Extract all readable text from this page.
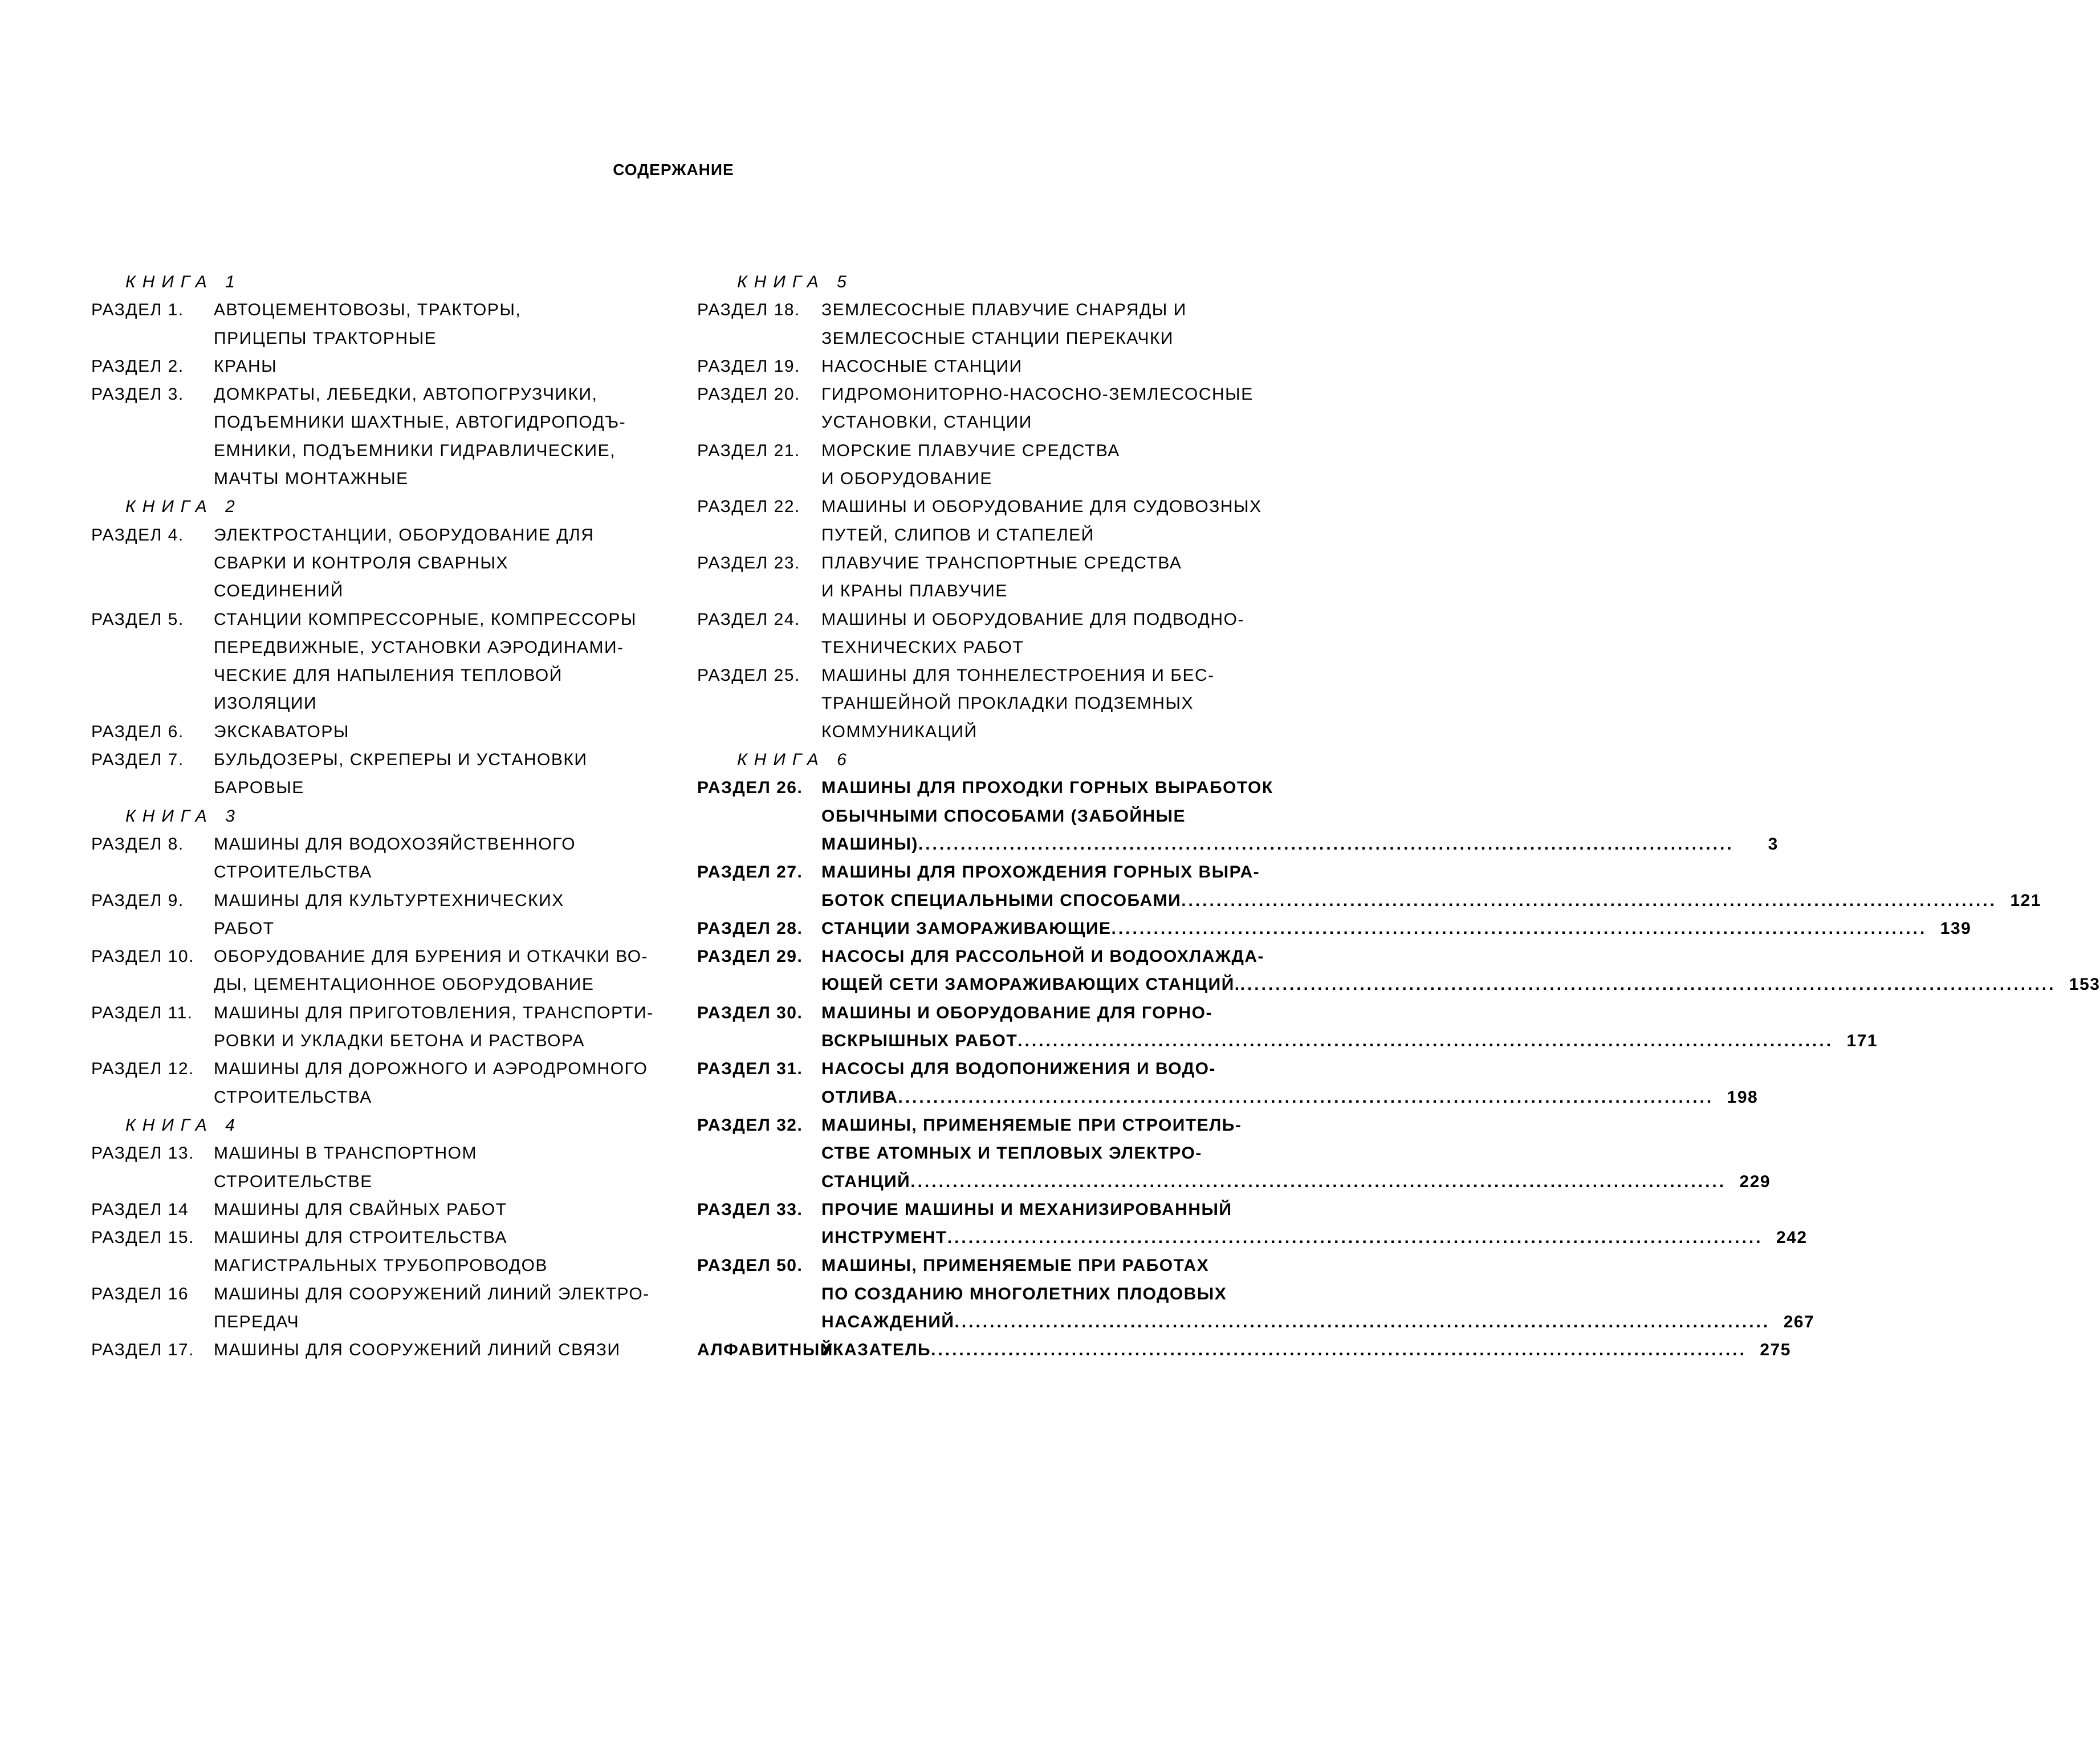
СОДЕРЖАНИЕ
КНИГА 1
РАЗДЕЛ 1.	АВТОЦЕМЕНТОВОЗЫ, ТРАКТОРЫ,
ПРИЦЕПЫ ТРАКТОРНЫЕ
РАЗДЕЛ 2.	КРАНЫ
РАЗДЕЛ 3.	ДОМКРАТЫ, ЛЕБЕДКИ, АВТОПОГРУЗЧИКИ,
ПОДЪЕМНИКИ ШАХТНЫЕ, АВТОГИДРОПОДЪ-
ЕМНИКИ, ПОДЪЕМНИКИ ГИДРАВЛИЧЕСКИЕ,
МАЧТЫ МОНТАЖНЫЕ
КНИГА 2
РАЗДЕЛ 4.	ЭЛЕКТРОСТАНЦИИ, ОБОРУДОВАНИЕ ДЛЯ
СВАРКИ И КОНТРОЛЯ СВАРНЫХ
СОЕДИНЕНИЙ
РАЗДЕЛ 5.	СТАНЦИИ КОМПРЕССОРНЫЕ, КОМПРЕССОРЫ
ПЕРЕДВИЖНЫЕ, УСТАНОВКИ АЭРОДИНАМИ-
ЧЕСКИЕ ДЛЯ НАПЫЛЕНИЯ ТЕПЛОВОЙ
ИЗОЛЯЦИИ
РАЗДЕЛ 6.	ЭКСКАВАТОРЫ
РАЗДЕЛ 7.	БУЛЬДОЗЕРЫ, СКРЕПЕРЫ И УСТАНОВКИ
БАРОВЫЕ
КНИГА 3
РАЗДЕЛ 8.	МАШИНЫ ДЛЯ ВОДОХОЗЯЙСТВЕННОГО
СТРОИТЕЛЬСТВА
РАЗДЕЛ 9.	МАШИНЫ ДЛЯ КУЛЬТУРТЕХНИЧЕСКИХ
РАБОТ
РАЗДЕЛ 10.	ОБОРУДОВАНИЕ ДЛЯ БУРЕНИЯ И ОТКАЧКИ ВО-
ДЫ, ЦЕМЕНТАЦИОННОЕ ОБОРУДОВАНИЕ
РАЗДЕЛ 11.	МАШИНЫ ДЛЯ ПРИГОТОВЛЕНИЯ, ТРАНСПОРТИ-
РОВКИ И УКЛАДКИ БЕТОНА И РАСТВОРА
РАЗДЕЛ 12.	МАШИНЫ ДЛЯ ДОРОЖНОГО И АЭРОДРОМНОГО
СТРОИТЕЛЬСТВА
КНИГА 4
РАЗДЕЛ 13.	МАШИНЫ В ТРАНСПОРТНОМ
СТРОИТЕЛЬСТВЕ
РАЗДЕЛ 14	МАШИНЫ ДЛЯ СВАЙНЫХ РАБОТ
РАЗДЕЛ 15.	МАШИНЫ ДЛЯ СТРОИТЕЛЬСТВА
МАГИСТРАЛЬНЫХ ТРУБОПРОВОДОВ
РАЗДЕЛ 16	МАШИНЫ ДЛЯ СООРУЖЕНИЙ ЛИНИЙ ЭЛЕКТРО-
ПЕРЕДАЧ
РАЗДЕЛ 17.	МАШИНЫ ДЛЯ СООРУЖЕНИЙ ЛИНИЙ СВЯЗИ
КНИГА 5
РАЗДЕЛ 18.	ЗЕМЛЕСОСНЫЕ ПЛАВУЧИЕ СНАРЯДЫ И
ЗЕМЛЕСОСНЫЕ СТАНЦИИ ПЕРЕКАЧКИ
РАЗДЕЛ 19.	НАСОСНЫЕ СТАНЦИИ
РАЗДЕЛ 20.	ГИДРОМОНИТОРНО-НАСОСНО-ЗЕМЛЕСОСНЫЕ
УСТАНОВКИ, СТАНЦИИ
РАЗДЕЛ 21.	МОРСКИЕ ПЛАВУЧИЕ СРЕДСТВА
И ОБОРУДОВАНИЕ
РАЗДЕЛ 22.	МАШИНЫ И ОБОРУДОВАНИЕ ДЛЯ СУДОВОЗНЫХ
ПУТЕЙ, СЛИПОВ И СТАПЕЛЕЙ
РАЗДЕЛ 23.	ПЛАВУЧИЕ ТРАНСПОРТНЫЕ СРЕДСТВА
И КРАНЫ ПЛАВУЧИЕ
РАЗДЕЛ 24.	МАШИНЫ И ОБОРУДОВАНИЕ ДЛЯ ПОДВОДНО-
ТЕХНИЧЕСКИХ РАБОТ
РАЗДЕЛ 25.	МАШИНЫ ДЛЯ ТОННЕЛЕСТРОЕНИЯ И БЕС-
ТРАНШЕЙНОЙ ПРОКЛАДКИ ПОДЗЕМНЫХ
КОММУНИКАЦИЙ
КНИГА 6
РАЗДЕЛ 26.	МАШИНЫ ДЛЯ ПРОХОДКИ ГОРНЫХ ВЫРАБОТОК
ОБЫЧНЫМИ СПОСОБАМИ (ЗАБОЙНЫЕ
МАШИНЫ) .....	3
РАЗДЕЛ 27.	МАШИНЫ ДЛЯ ПРОХОЖДЕНИЯ ГОРНЫХ ВЫРА-
БОТОК СПЕЦИАЛЬНЫМИ СПОСОБАМИ .....	121
РАЗДЕЛ 28.	СТАНЦИИ ЗАМОРАЖИВАЮЩИЕ .....	139
РАЗДЕЛ 29.	НАСОСЫ ДЛЯ РАССОЛЬНОЙ И ВОДООХЛАЖДА-
ЮЩЕЙ СЕТИ ЗАМОРАЖИВАЮЩИХ СТАНЦИЙ. .....	153
РАЗДЕЛ 30.	МАШИНЫ И ОБОРУДОВАНИЕ ДЛЯ ГОРНО-
ВСКРЫШНЫХ РАБОТ .....	171
РАЗДЕЛ 31.	НАСОСЫ ДЛЯ ВОДОПОНИЖЕНИЯ И ВОДО-
ОТЛИВА .....	198
РАЗДЕЛ 32.	МАШИНЫ, ПРИМЕНЯЕМЫЕ ПРИ СТРОИТЕЛЬ-
СТВЕ АТОМНЫХ И ТЕПЛОВЫХ ЭЛЕКТРО-
СТАНЦИЙ .....	229
РАЗДЕЛ 33.	ПРОЧИЕ МАШИНЫ И МЕХАНИЗИРОВАННЫЙ
ИНСТРУМЕНТ .....	242
РАЗДЕЛ 50.	МАШИНЫ, ПРИМЕНЯЕМЫЕ ПРИ РАБОТАХ
ПО СОЗДАНИЮ МНОГОЛЕТНИХ ПЛОДОВЫХ
НАСАЖДЕНИЙ .....	267
АЛФАВИТНЫЙ
УКАЗАТЕЛЬ .....	275
